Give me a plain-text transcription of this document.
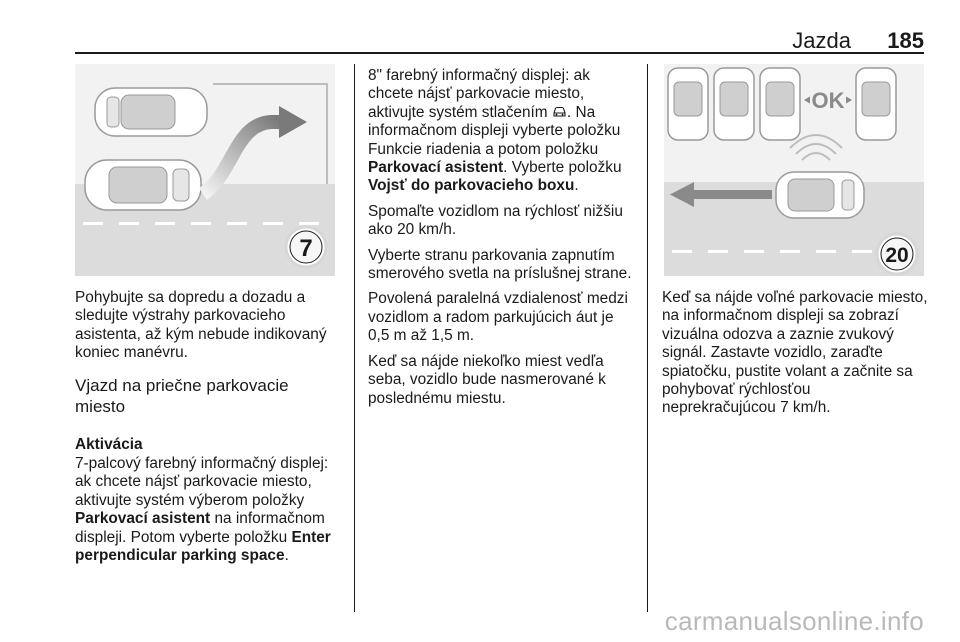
Jazda 185
7
OK
20

Pohybujte sa dopredu a dozadu a sledujte výstrahy parkovacieho asistenta, až kým nebude indikovaný koniec manévru.

Vjazd na priečne parkovacie miesto
Aktivácia

7-palcový farebný informačný displej: ak chcete nájsť parkovacie miesto, aktivujte systém výberom položky Parkovací asistent na informačnom displeji. Potom vyberte položku Enter perpendicular parking space.

8" farebný informačný displej: ak chcete nájsť parkovacie miesto, aktivujte systém stlačením . Na informačnom displeji vyberte položku Funkcie riadenia a potom položku Parkovací asistent. Vyberte položku Vojsť do parkovacieho boxu.

Spomaľte vozidlom na rýchlosť nižšiu ako 20 km/h.

Vyberte stranu parkovania zapnutím smerového svetla na príslušnej strane.

Povolená paralelná vzdialenosť medzi vozidlom a radom parkujúcich áut je 0,5 m až 1,5 m.

Keď sa nájde niekoľko miest vedľa seba, vozidlo bude nasmerované k poslednému miestu.

Keď sa nájde voľné parkovacie miesto, na informačnom displeji sa zobrazí vizuálna odozva a zaznie zvukový signál. Zastavte vozidlo, zaraďte spiatočku, pustite volant a začnite sa pohybovať rýchlosťou neprekračujúcou 7 km/h.

carmanualsonline.info
